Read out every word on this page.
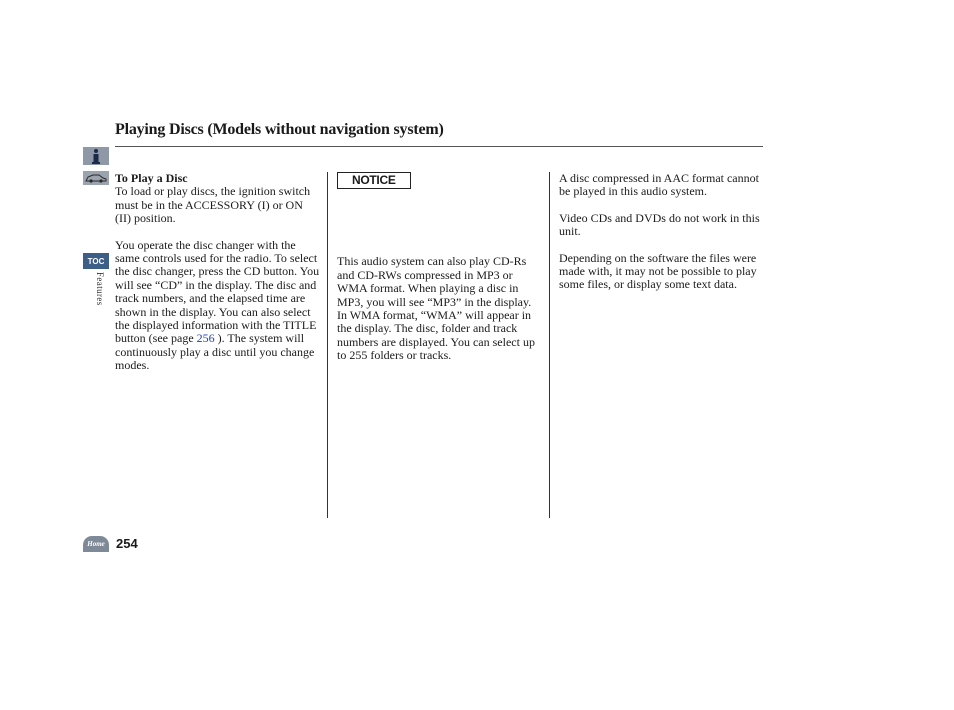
Playing Discs (Models without navigation system)
TOC
Features

To Play a Disc
To load or play discs, the ignition switch must be in the ACCESSORY (I) or ON (II) position.

You operate the disc changer with the same controls used for the radio. To select the disc changer, press the CD button. You will see “CD” in the display. The disc and track numbers, and the elapsed time are shown in the display. You can also select the displayed information with the TITLE button (see page 256 ). The system will continuously play a disc until you change modes.

NOTICE

This audio system can also play CD-Rs and CD-RWs compressed in MP3 or WMA format. When playing a disc in MP3, you will see “MP3” in the display. In WMA format, “WMA” will appear in the display. The disc, folder and track numbers are displayed. You can select up to 255 folders or tracks.

A disc compressed in AAC format cannot be played in this audio system.

Video CDs and DVDs do not work in this unit.

Depending on the software the files were made with, it may not be possible to play some files, or display some text data.

Home 254
